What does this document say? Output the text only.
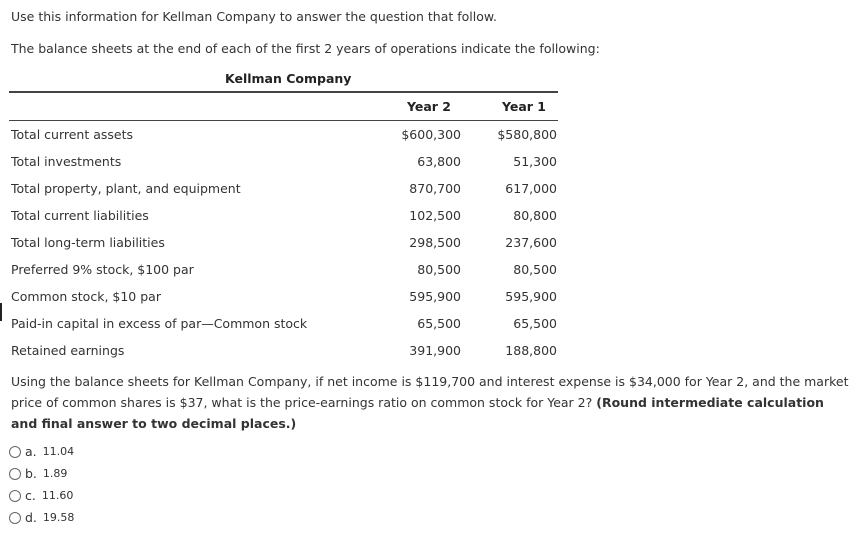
Use this information for Kellman Company to answer the question that follow.
The balance sheets at the end of each of the first 2 years of operations indicate the following:
Kellman Company
Year 2	Year 1
Total current assets	$600,300	$580,800
Total investments	63,800	51,300
Total property, plant, and equipment	870,700	617,000
Total current liabilities	102,500	80,800
Total long-term liabilities	298,500	237,600
Preferred 9% stock, $100 par	80,500	80,500
Common stock, $10 par	595,900	595,900
Paid-in capital in excess of par—Common stock	65,500	65,500
Retained earnings	391,900	188,800
Using the balance sheets for Kellman Company, if net income is $119,700 and interest expense is $34,000 for Year 2, and the market price of common shares is $37, what is the price-earnings ratio on common stock for Year 2? (Round intermediate calculation and final answer to two decimal places.)
a. 11.04
b. 1.89
c. 11.60
d. 19.58
